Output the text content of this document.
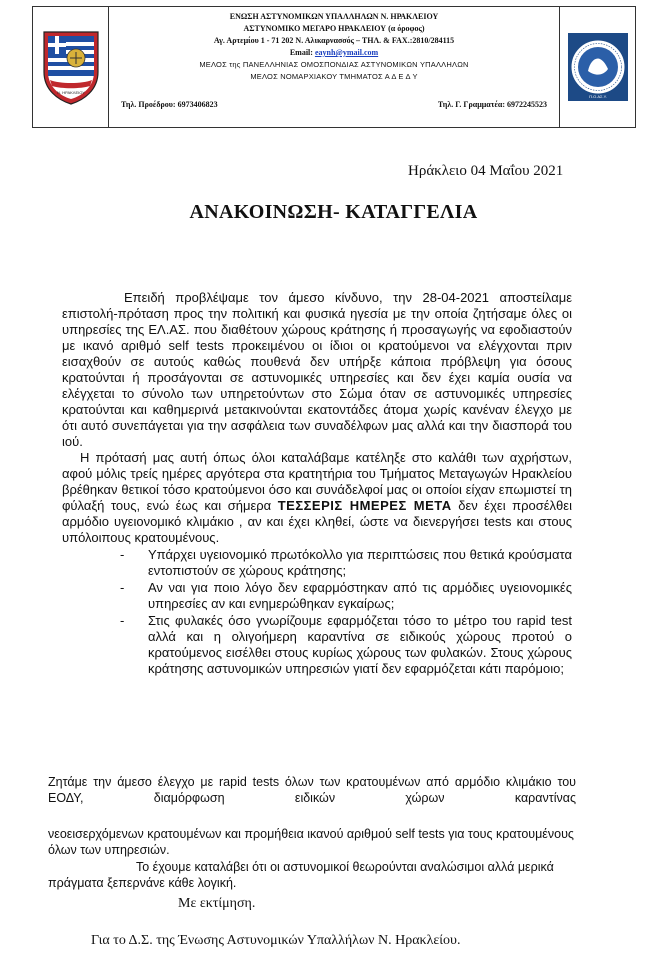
Ν. ΗΡΑΚΛΕΙΟΥ
ΕΝΩΣΗ ΑΣΤΥΝΟΜΙΚΩΝ ΥΠΑΛΛΗΛΩΝ Ν. ΗΡΑΚΛΕΙΟΥ
ΑΣΤΥΝΟΜΙΚΟ ΜΕΓΑΡΟ ΗΡΑΚΛΕΙΟΥ (α όροφος)
Αγ. Αρτεμίου 1 - 71 202 Ν. Αλικαρνασσός – ΤΗΛ. & FAX.:2810/284115
Email: eaynh@ymail.com
ΜΕΛΟΣ της ΠΑΝΕΛΛΗΝΙΑΣ ΟΜΟΣΠΟΝΔΙΑΣ ΑΣΤΥΝΟΜΙΚΩΝ ΥΠΑΛΛΗΛΩΝ
ΜΕΛΟΣ ΝΟΜΑΡΧΙΑΚΟΥ ΤΜΗΜΑΤΟΣ Α Δ Ε Δ Υ
Τηλ. Προέδρου: 6973406823	Τηλ. Γ. Γραμματέα: 6972245523
Π.Ο.ΑΣ.Υ.
Ηράκλειο 04 Μαΐου 2021
ΑΝΑΚΟΙΝΩΣΗ- ΚΑΤΑΓΓΕΛΙΑ

Επειδή προβλέψαμε τον άμεσο κίνδυνο, την 28-04-2021 αποστείλαμε επιστολή-πρόταση προς την πολιτική και φυσικά ηγεσία με την οποία ζητήσαμε όλες οι υπηρεσίες της ΕΛ.ΑΣ. που διαθέτουν χώρους κράτησης ή προσαγωγής να εφοδιαστούν με ικανό αριθμό self tests προκειμένου οι ίδιοι οι κρατούμενοι να ελέγχονται πριν εισαχθούν σε αυτούς καθώς πουθενά δεν υπήρξε κάποια πρόβλεψη για όσους κρατούνται ή προσάγονται σε αστυνομικές υπηρεσίες και δεν έχει καμία ουσία να ελέγχεται το σύνολο των υπηρετούντων στο Σώμα όταν σε αστυνομικές υπηρεσίες κρατούνται και καθημερινά μετακινούνται εκατοντάδες άτομα χωρίς κανέναν έλεγχο με ότι αυτό συνεπάγεται για την ασφάλεια των συναδέλφων μας αλλά και την διασπορά του ιού.

Η πρότασή μας αυτή όπως όλοι καταλάβαμε κατέληξε στο καλάθι των αχρήστων, αφού μόλις τρείς ημέρες αργότερα στα κρατητήρια του Τμήματος Μεταγωγών Ηρακλείου βρέθηκαν θετικοί τόσο κρατούμενοι όσο και συνάδελφοί μας οι οποίοι είχαν επωμιστεί τη φύλαξή τους, ενώ έως και σήμερα ΤΕΣΣΕΡΙΣ ΗΜΕΡΕΣ ΜΕΤΑ δεν έχει προσέλθει αρμόδιο υγειονομικό κλιμάκιο , αν και έχει κληθεί, ώστε να διενεργήσει tests και στους υπόλοιπους κρατουμένους.

- Υπάρχει υγειονομικό πρωτόκολλο για περιπτώσεις που θετικά κρούσματα εντοπιστούν σε χώρους κράτησης;
- Αν ναι για ποιο λόγο δεν εφαρμόστηκαν από τις αρμόδιες υγειονομικές υπηρεσίες αν και ενημερώθηκαν εγκαίρως;
- Στις φυλακές όσο γνωρίζουμε εφαρμόζεται τόσο το μέτρο του rapid test αλλά και η ολιγοήμερη καραντίνα σε ειδικούς χώρους προτού ο κρατούμενος εισέλθει στους κυρίως χώρους των φυλακών. Στους χώρους κράτησης αστυνομικών υπηρεσιών γιατί δεν εφαρμόζεται κάτι παρόμοιο;

Ζητάμε την άμεσο έλεγχο με rapid tests όλων των κρατουμένων από αρμόδιο κλιμάκιο του ΕΟΔΥ, διαμόρφωση ειδικών χώρων καραντίνας

νεοεισερχόμενων κρατουμένων και προμήθεια ικανού αριθμού self tests για τους κρατουμένους όλων των υπηρεσιών.

Το έχουμε καταλάβει ότι οι αστυνομικοί θεωρούνται αναλώσιμοι αλλά μερικά πράγματα ξεπερνάνε κάθε λογική.

Με εκτίμηση.
Για το Δ.Σ. της Ένωσης Αστυνομικών Υπαλλήλων Ν. Ηρακλείου.
